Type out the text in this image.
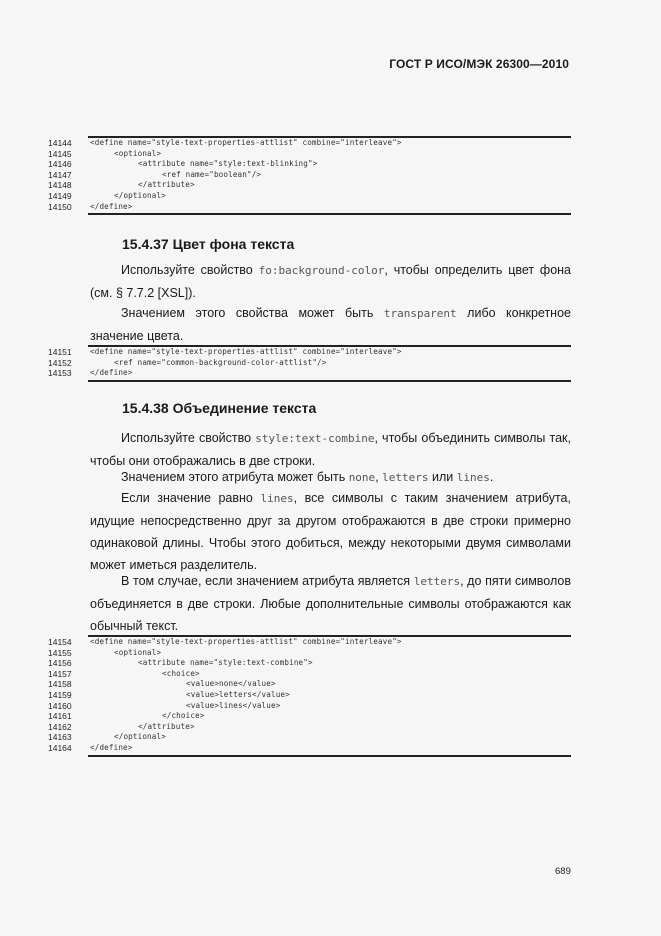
ГОСТ Р ИСО/МЭК 26300—2010
14144	<define name="style-text-properties-attlist" combine="interleave">
14145	<optional>
14146	<attribute name="style:text-blinking">
14147	<ref name="boolean"/>
14148	</attribute>
14149	</optional>
14150	</define>
15.4.37 Цвет фона текста
Используйте свойство fo:background-color, чтобы определить цвет фона (см. § 7.7.2 [XSL]).
Значением этого свойства может быть transparent либо конкретное значение цвета.
14151	<define name="style-text-properties-attlist" combine="interleave">
14152	<ref name="common-background-color-attlist"/>
14153	</define>
15.4.38 Объединение текста
Используйте свойство style:text-combine, чтобы объединить символы так, чтобы они отображались в две строки.
Значением этого атрибута может быть none, letters или lines.
Если значение равно lines, все символы с таким значением атрибута, идущие непосредственно друг за другом отображаются в две строки примерно одинаковой длины. Чтобы этого добиться, между некоторыми двумя символами может иметься разделитель.
В том случае, если значением атрибута является letters, до пяти символов объединяется в две строки. Любые дополнительные символы отображаются как обычный текст.
14154	<define name="style-text-properties-attlist" combine="interleave">
14155	<optional>
14156	<attribute name="style:text-combine">
14157	<choice>
14158	<value>none</value>
14159	<value>letters</value>
14160	<value>lines</value>
14161	</choice>
14162	</attribute>
14163	</optional>
14164	</define>
689
